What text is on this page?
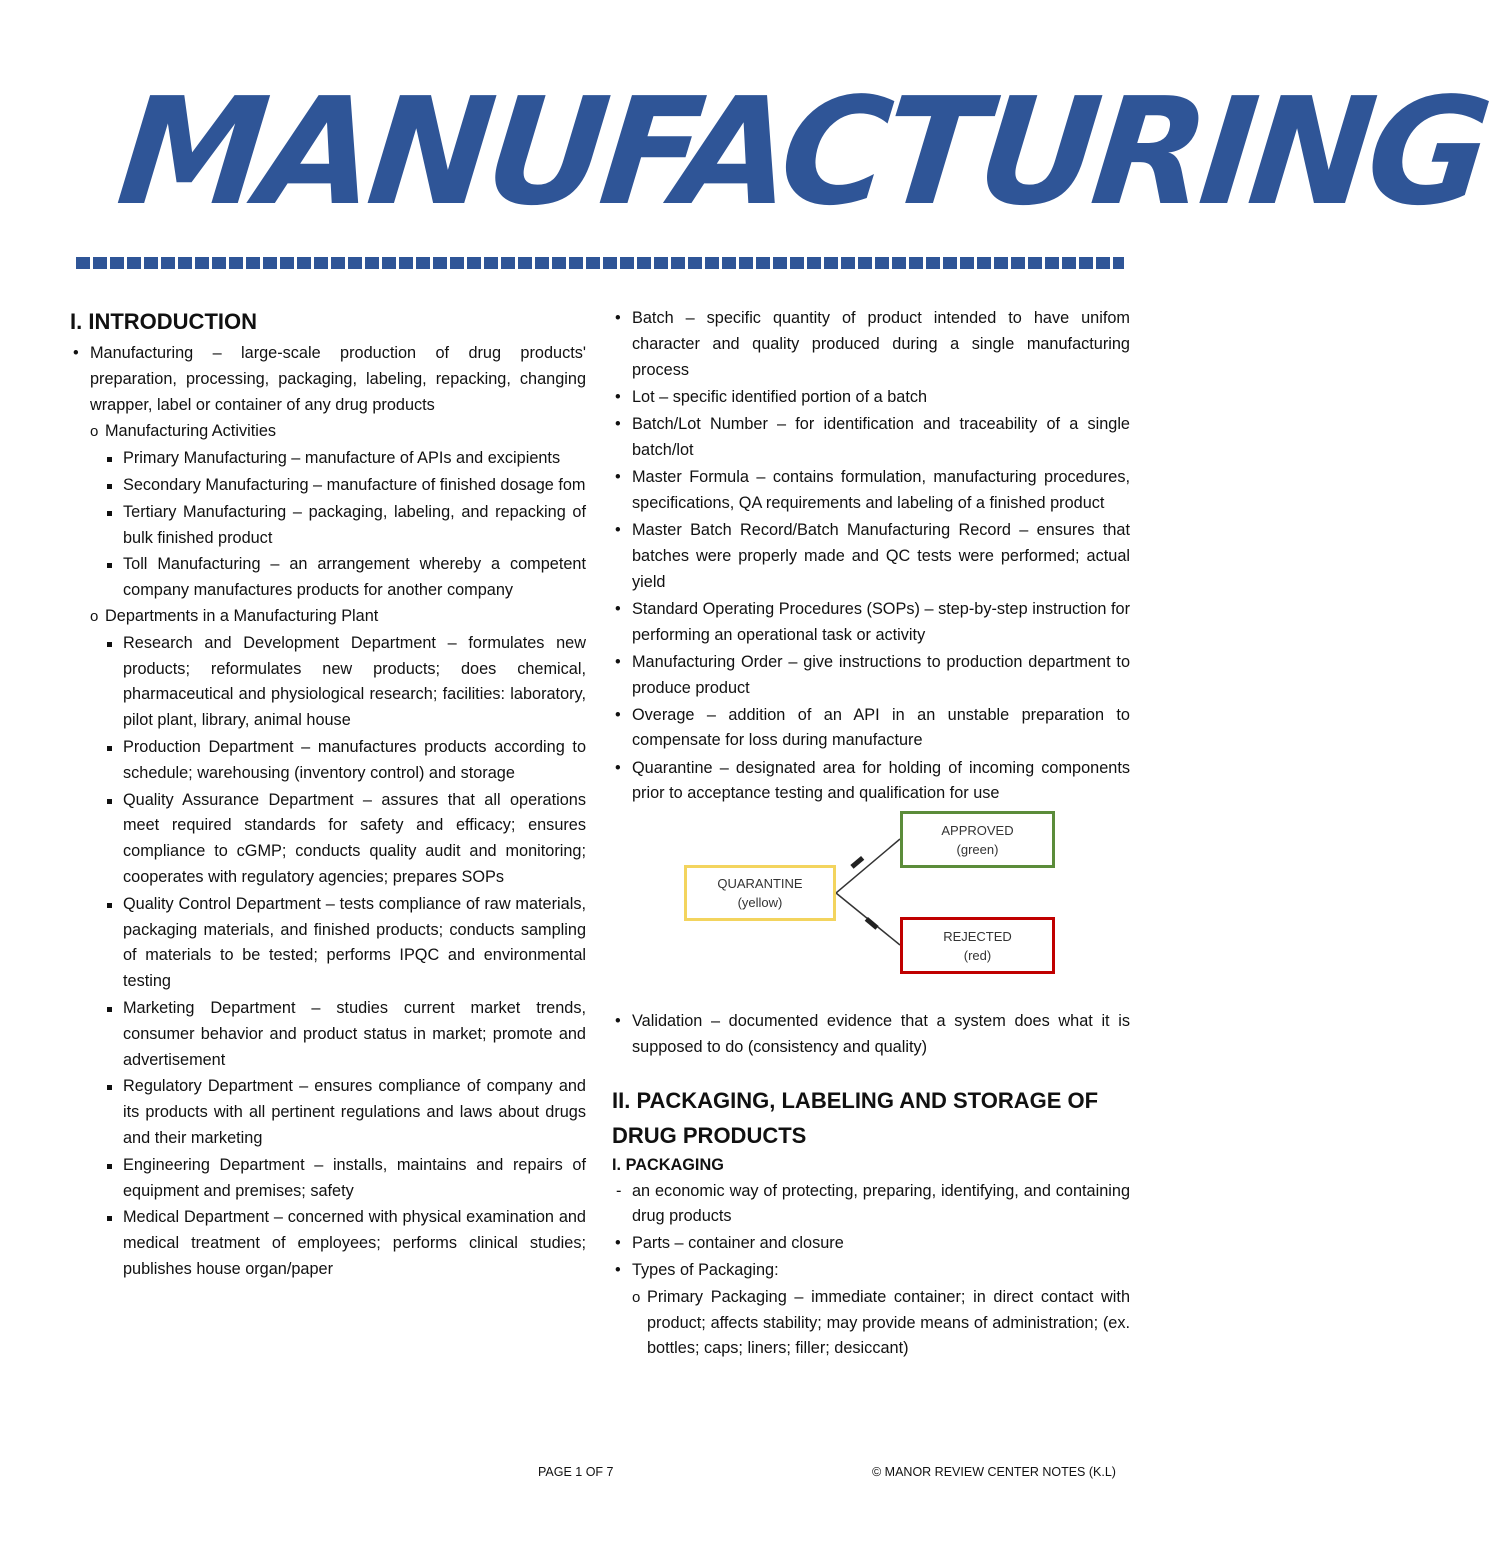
MANUFACTURING
I. INTRODUCTION
• Manufacturing – large-scale production of drug products' preparation, processing, packaging, labeling, repacking, changing wrapper, label or container of any drug products
o Manufacturing Activities
Primary Manufacturing – manufacture of APIs and excipients
Secondary Manufacturing – manufacture of finished dosage fom
Tertiary Manufacturing – packaging, labeling, and repacking of bulk finished product
Toll Manufacturing – an arrangement whereby a competent company manufactures products for another company
o Departments in a Manufacturing Plant
Research and Development Department – formulates new products; reformulates new products; does chemical, pharmaceutical and physiological research; facilities: laboratory, pilot plant, library, animal house
Production Department – manufactures products according to schedule; warehousing (inventory control) and storage
Quality Assurance Department – assures that all operations meet required standards for safety and efficacy; ensures compliance to cGMP; conducts quality audit and monitoring; cooperates with regulatory agencies; prepares SOPs
Quality Control Department – tests compliance of raw materials, packaging materials, and finished products; conducts sampling of materials to be tested; performs IPQC and environmental testing
Marketing Department – studies current market trends, consumer behavior and product status in market; promote and advertisement
Regulatory Department – ensures compliance of company and its products with all pertinent regulations and laws about drugs and their marketing
Engineering Department – installs, maintains and repairs of equipment and premises; safety
Medical Department – concerned with physical examination and medical treatment of employees; performs clinical studies; publishes house organ/paper
• Batch – specific quantity of product intended to have unifom character and quality produced during a single manufacturing process
• Lot – specific identified portion of a batch
• Batch/Lot Number – for identification and traceability of a single batch/lot
• Master Formula – contains formulation, manufacturing procedures, specifications, QA requirements and labeling of a finished product
• Master Batch Record/Batch Manufacturing Record – ensures that batches were properly made and QC tests were performed; actual yield
• Standard Operating Procedures (SOPs) – step-by-step instruction for performing an operational task or activity
• Manufacturing Order – give instructions to production department to produce product
• Overage – addition of an API in an unstable preparation to compensate for loss during manufacture
• Quarantine – designated area for holding of incoming components prior to acceptance testing and qualification for use
QUARANTINE
(yellow)
APPROVED
(green)
REJECTED
(red)
• Validation – documented evidence that a system does what it is supposed to do (consistency and quality)
II. PACKAGING, LABELING AND STORAGE OF DRUG PRODUCTS
I. PACKAGING
- an economic way of protecting, preparing, identifying, and containing drug products
• Parts – container and closure
• Types of Packaging:
o Primary Packaging – immediate container; in direct contact with product; affects stability; may provide means of administration; (ex. bottles; caps; liners; filler; desiccant)
PAGE 1 OF 7	© MANOR REVIEW CENTER NOTES (K.L)
